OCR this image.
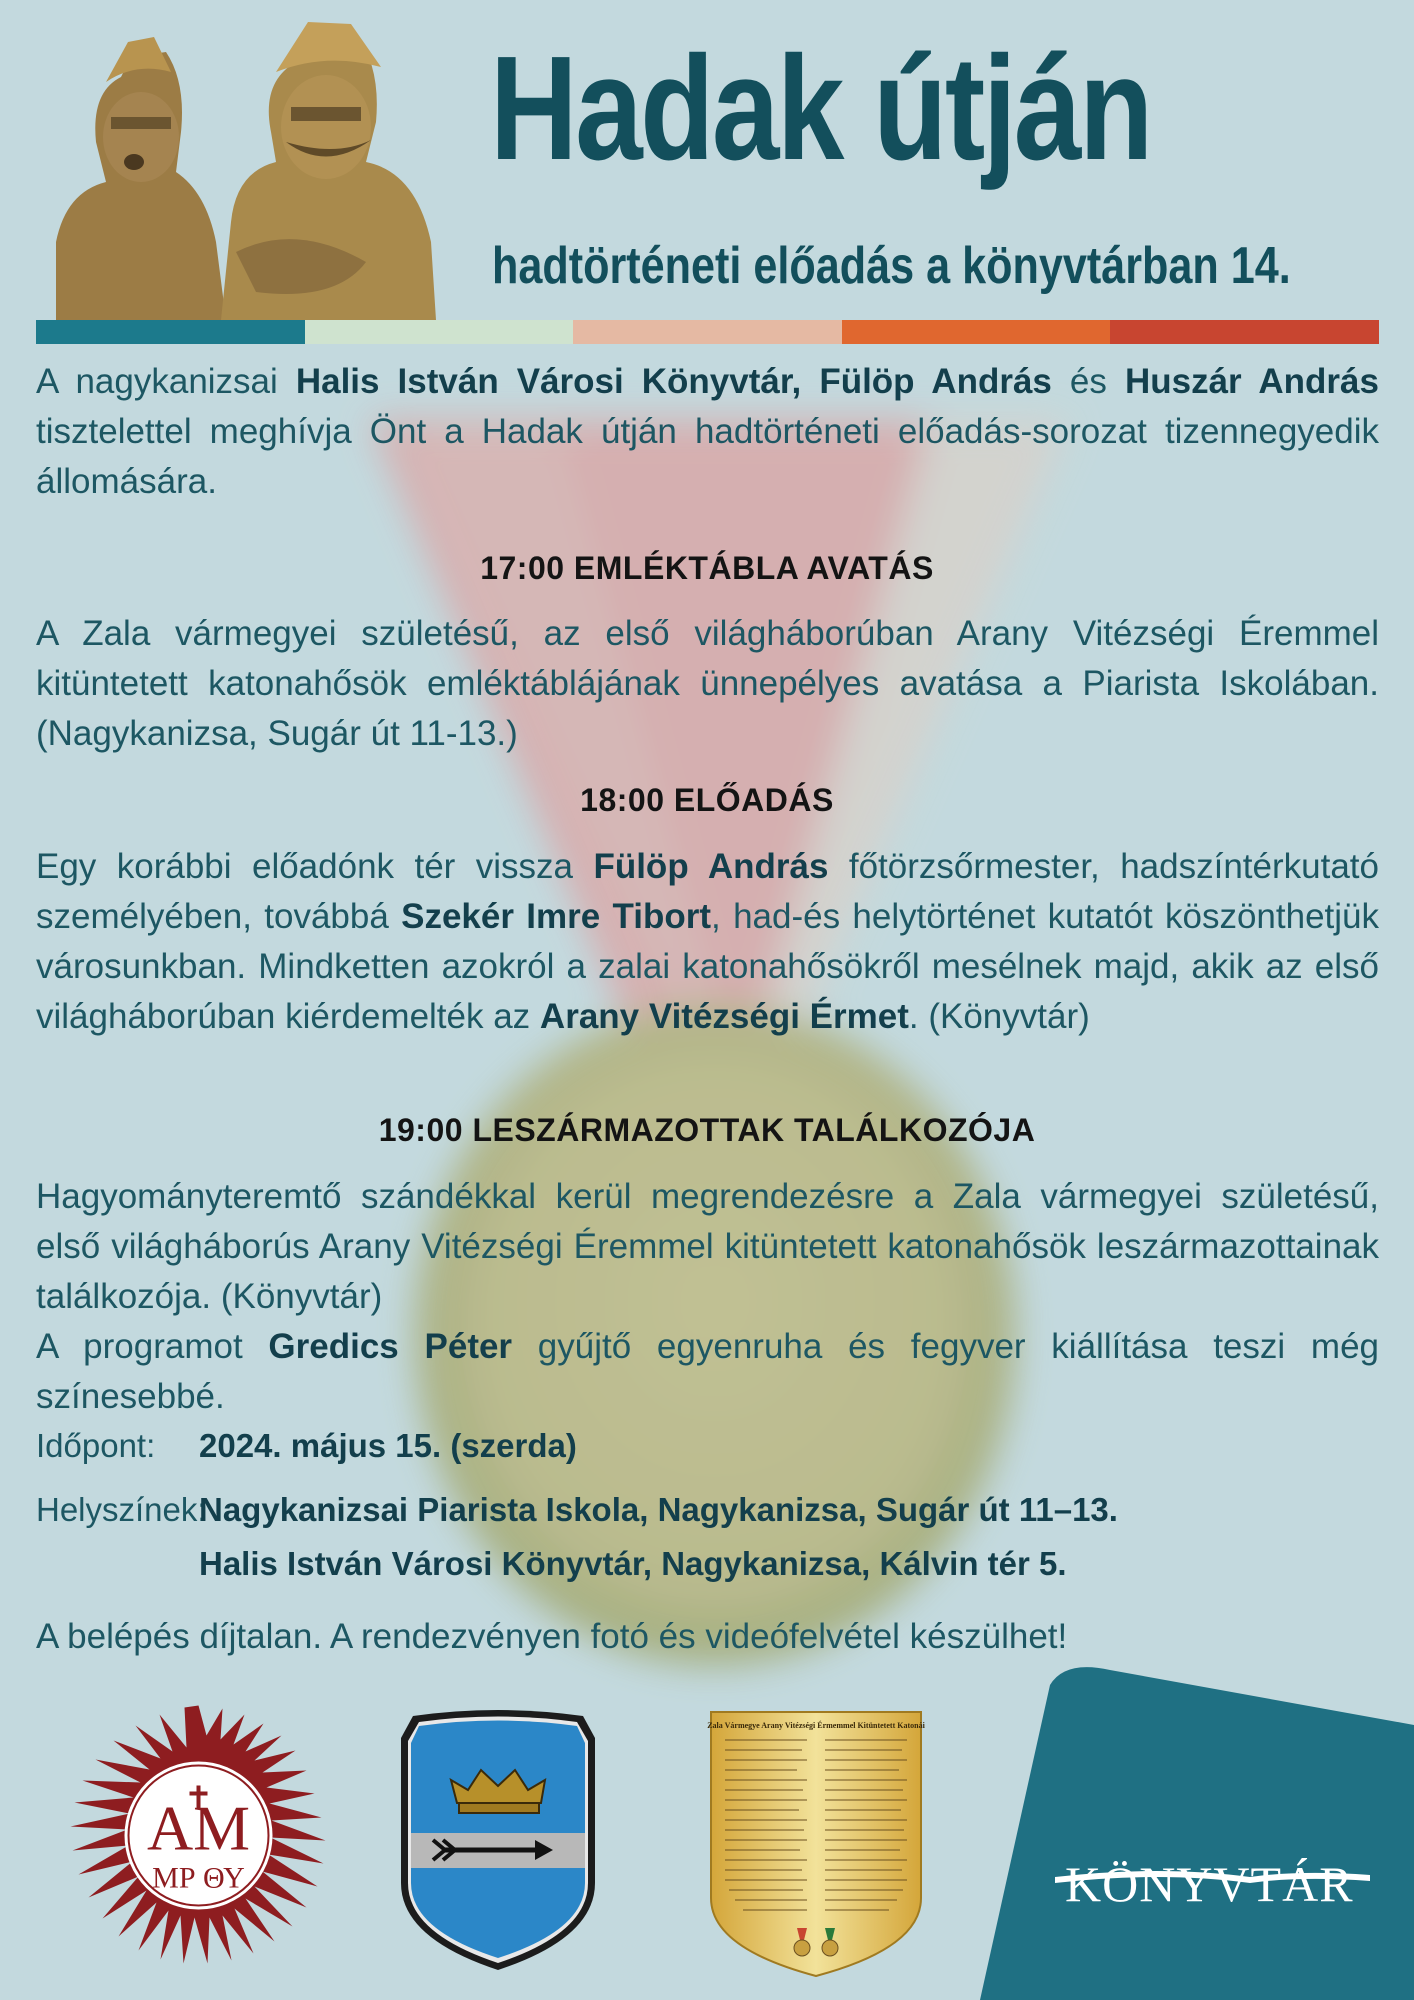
Hadak útján
hadtörténeti előadás a könyvtárban 14.

A nagykanizsai Halis István Városi Könyvtár, Fülöp András és Huszár András tisztelettel meghívja Önt a Hadak útján hadtörténeti előadás-sorozat tizennegyedik állomására.

17:00 EMLÉKTÁBLA AVATÁS

A Zala vármegyei születésű, az első világháborúban Arany Vitézségi Éremmel kitüntetett katonahősök emléktáblájának ünnepélyes avatása a Piarista Iskolában. (Nagykanizsa, Sugár út 11-13.)

18:00 ELŐADÁS

Egy korábbi előadónk tér vissza Fülöp András főtörzsőrmester, hadszíntérkutató személyében, továbbá Szekér Imre Tibort, had-és helytörténet kutatót köszönthetjük városunkban. Mindketten azokról a zalai katonahősökről mesélnek majd, akik az első világháborúban kiérdemelték az Arany Vitézségi Érmet. (Könyvtár)

19:00 LESZÁRMAZOTTAK TALÁLKOZÓJA

Hagyományteremtő szándékkal kerül megrendezésre a Zala vármegyei születésű, első világháborús Arany Vitézségi Éremmel kitüntetett katonahősök leszármazottainak találkozója. (Könyvtár)

A programot Gredics Péter gyűjtő egyenruha és fegyver kiállítása teszi még színesebbé.

Időpont: 2024. május 15. (szerda)
Helyszínek:Nagykanizsai Piarista Iskola, Nagykanizsa, Sugár út 11–13.
Halis István Városi Könyvtár, Nagykanizsa, Kálvin tér 5.

A belépés díjtalan. A rendezvényen fotó és videófelvétel készülhet!

AM
ΜΡ ΘΥ
Zala Vármegye Arany Vitézségi Érmemmel Kitüntetett Katonái
KÖNYVTÁR
